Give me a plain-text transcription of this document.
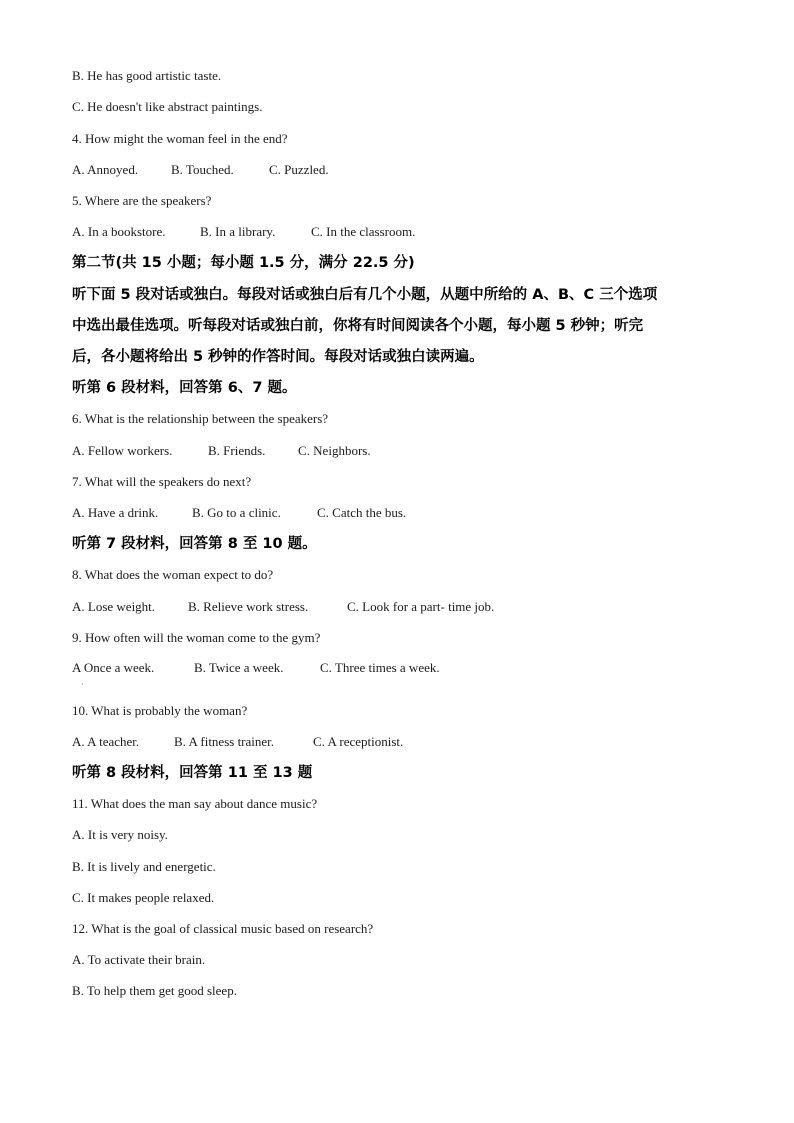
B. He has good artistic taste.
C. He doesn't like abstract paintings.
4. How might the woman feel in the end?
A. Annoyed.	B. Touched.	C. Puzzled.
5. Where are the speakers?
A. In a bookstore.	B. In a library.	C. In the classroom.
第二节(共 15 小题；每小题 1.5 分，满分 22.5 分)
听下面 5 段对话或独白。每段对话或独白后有几个小题，从题中所给的 A、B、C 三个选项
中选出最佳选项。听每段对话或独白前，你将有时间阅读各个小题，每小题 5 秒钟；听完
后，各小题将给出 5 秒钟的作答时间。每段对话或独白读两遍。
听第 6 段材料，回答第 6、7 题。
6. What is the relationship between the speakers?
A. Fellow workers.	B. Friends.	C. Neighbors.
7. What will the speakers do next?
A. Have a drink.	B. Go to a clinic.	C. Catch the bus.
听第 7 段材料，回答第 8 至 10 题。
8. What does the woman expect to do?
A. Lose weight.	B. Relieve work stress.	C. Look for a part- time job.
9. How often will the woman come to the gym?
A Once a week.	B. Twice a week.	C. Three times a week.
·
10. What is probably the woman?
A. A teacher.	B. A fitness trainer.	C. A receptionist.
听第 8 段材料，回答第 11 至 13 题
11. What does the man say about dance music?
A. It is very noisy.
B. It is lively and energetic.
C. It makes people relaxed.
12. What is the goal of classical music based on research?
A. To activate their brain.
B. To help them get good sleep.
